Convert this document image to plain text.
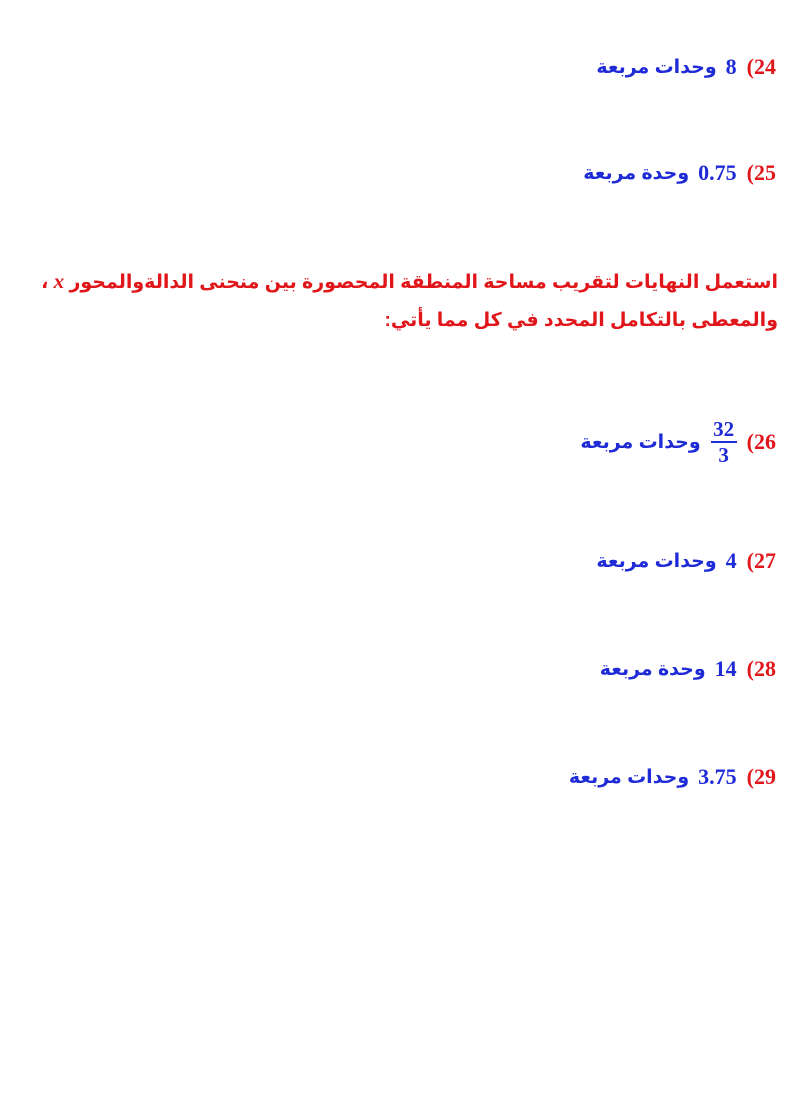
وحدات مربعة 8 (24
وحدة مربعة 0.75 (25
استعمل النهايات لتقريب مساحة المنطقة المحصورة بين منحنى الدالةوالمحور x ، والمعطى بالتكامل المحدد في كل مما يأتي:
وحدات مربعة $\frac{32}{3} (26$
وحدات مربعة 4 (27
وحدة مربعة 14 (28
وحدات مربعة 3.75 (29
